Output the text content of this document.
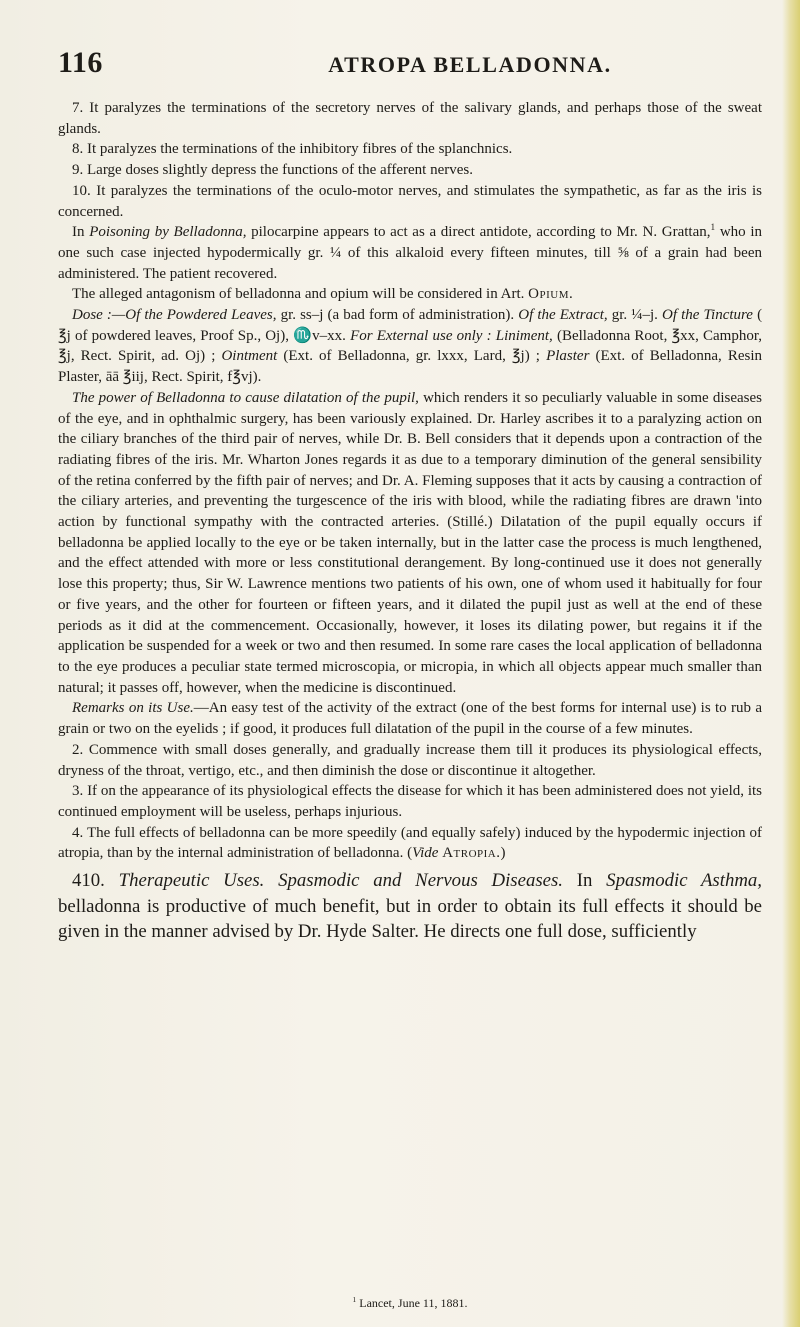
116	ATROPA BELLADONNA.

7. It paralyzes the terminations of the secretory nerves of the salivary glands, and perhaps those of the sweat glands.

8. It paralyzes the terminations of the inhibitory fibres of the splanchnics.

9. Large doses slightly depress the functions of the afferent nerves.

10. It paralyzes the terminations of the oculo-motor nerves, and stimulates the sympathetic, as far as the iris is concerned.

In Poisoning by Belladonna, pilocarpine appears to act as a direct antidote, according to Mr. N. Grattan,$^1$ who in one such case injected hypodermically gr. ¼ of this alkaloid every fifteen minutes, till ⅝ of a grain had been administered. The patient recovered.

The alleged antagonism of belladonna and opium will be considered in Art. Opium.

Dose :—Of the Powdered Leaves, gr. ss–j (a bad form of administration). Of the Extract, gr. ¼–j. Of the Tincture ( ℥j of powdered leaves, Proof Sp., Oj), ♏v–xx. For External use only : Liniment, (Belladonna Root, ℥xx, Camphor, ℥j, Rect. Spirit, ad. Oj) ; Ointment (Ext. of Belladonna, gr. lxxx, Lard, ℥j) ; Plaster (Ext. of Belladonna, Resin Plaster, āā ℥iij, Rect. Spirit, f℥vj).

The power of Belladonna to cause dilatation of the pupil, which renders it so peculiarly valuable in some diseases of the eye, and in ophthalmic surgery, has been variously explained. Dr. Harley ascribes it to a paralyzing action on the ciliary branches of the third pair of nerves, while Dr. B. Bell considers that it depends upon a contraction of the radiating fibres of the iris. Mr. Wharton Jones regards it as due to a temporary diminution of the general sensibility of the retina conferred by the fifth pair of nerves; and Dr. A. Fleming supposes that it acts by causing a contraction of the ciliary arteries, and preventing the turgescence of the iris with blood, while the radiating fibres are drawn 'into action by functional sympathy with the contracted arteries. (Stillé.) Dilatation of the pupil equally occurs if belladonna be applied locally to the eye or be taken internally, but in the latter case the process is much lengthened, and the effect attended with more or less constitutional derangement. By long-continued use it does not generally lose this property; thus, Sir W. Lawrence mentions two patients of his own, one of whom used it habitually for four or five years, and the other for fourteen or fifteen years, and it dilated the pupil just as well at the end of these periods as it did at the commencement. Occasionally, however, it loses its dilating power, but regains it if the application be suspended for a week or two and then resumed. In some rare cases the local application of belladonna to the eye produces a peculiar state termed microscopia, or micropia, in which all objects appear much smaller than natural; it passes off, however, when the medicine is discontinued.

Remarks on its Use.—An easy test of the activity of the extract (one of the best forms for internal use) is to rub a grain or two on the eyelids ; if good, it produces full dilatation of the pupil in the course of a few minutes.

2. Commence with small doses generally, and gradually increase them till it produces its physiological effects, dryness of the throat, vertigo, etc., and then diminish the dose or discontinue it altogether.

3. If on the appearance of its physiological effects the disease for which it has been administered does not yield, its continued employment will be useless, perhaps injurious.

4. The full effects of belladonna can be more speedily (and equally safely) induced by the hypodermic injection of atropia, than by the internal administration of belladonna. (Vide Atropia.)

410. Therapeutic Uses. Spasmodic and Nervous Diseases. In Spasmodic Asthma, belladonna is productive of much benefit, but in order to obtain its full effects it should be given in the manner advised by Dr. Hyde Salter. He directs one full dose, sufficiently

$^1$ Lancet, June 11, 1881.
